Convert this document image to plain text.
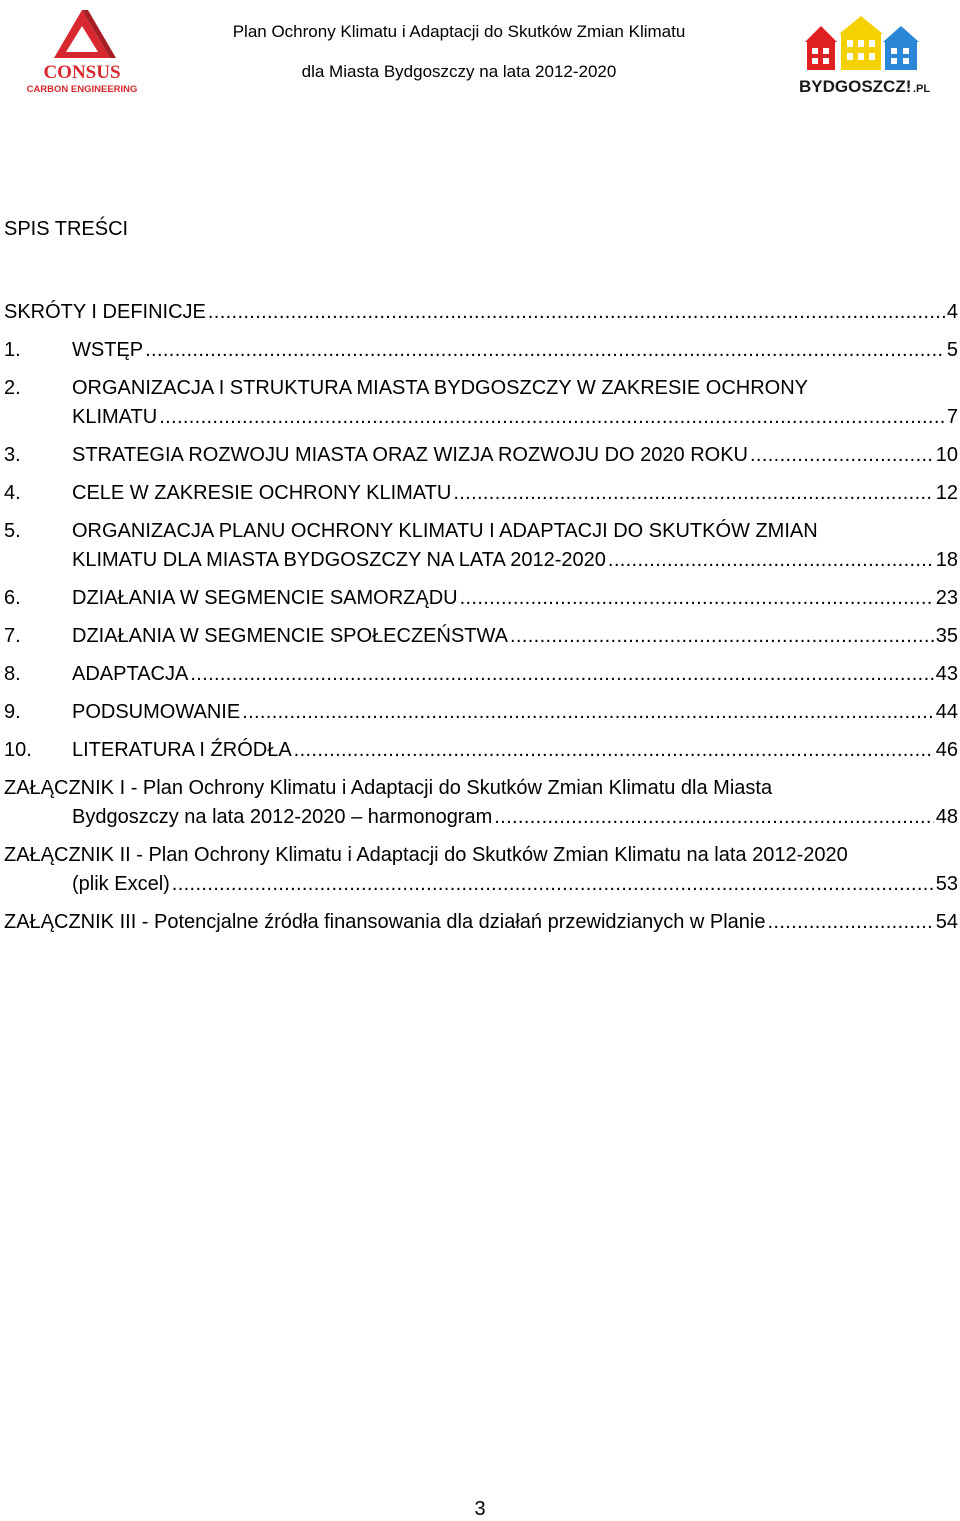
CONSUS
CARBON ENGINEERING
Plan Ochrony Klimatu i Adaptacji do Skutków Zmian Klimatu
dla Miasta Bydgoszczy na lata 2012-2020
BYDGOSZCZ! .PL
SPIS TREŚCI
SKRÓTY I DEFINICJE . . .	4
1.	WSTĘP . . .	5
2.	ORGANIZACJA I STRUKTURA MIASTA BYDGOSZCZY W ZAKRESIE OCHRONY
KLIMATU . . .	7
3.	STRATEGIA ROZWOJU MIASTA ORAZ WIZJA ROZWOJU DO 2020 ROKU . . .	10
4.	CELE W ZAKRESIE OCHRONY KLIMATU . . .	12
5.	ORGANIZACJA PLANU OCHRONY KLIMATU I ADAPTACJI DO SKUTKÓW ZMIAN
KLIMATU DLA MIASTA BYDGOSZCZY NA LATA 2012-2020 . . .	18
6.	DZIAŁANIA W SEGMENCIE SAMORZĄDU . . .	23
7.	DZIAŁANIA W SEGMENCIE SPOŁECZEŃSTWA . . .	35
8.	ADAPTACJA . . .	43
9.	PODSUMOWANIE . . .	44
10. LITERATURA I ŹRÓDŁA . . .	46
ZAŁĄCZNIK I - Plan Ochrony Klimatu i Adaptacji do Skutków Zmian Klimatu dla Miasta
Bydgoszczy na lata 2012-2020 – harmonogram . . .	48
ZAŁĄCZNIK II - Plan Ochrony Klimatu i Adaptacji do Skutków Zmian Klimatu na lata 2012-2020
(plik Excel) . . .	53
ZAŁĄCZNIK III - Potencjalne źródła finansowania dla działań przewidzianych w Planie . . .	54
3
